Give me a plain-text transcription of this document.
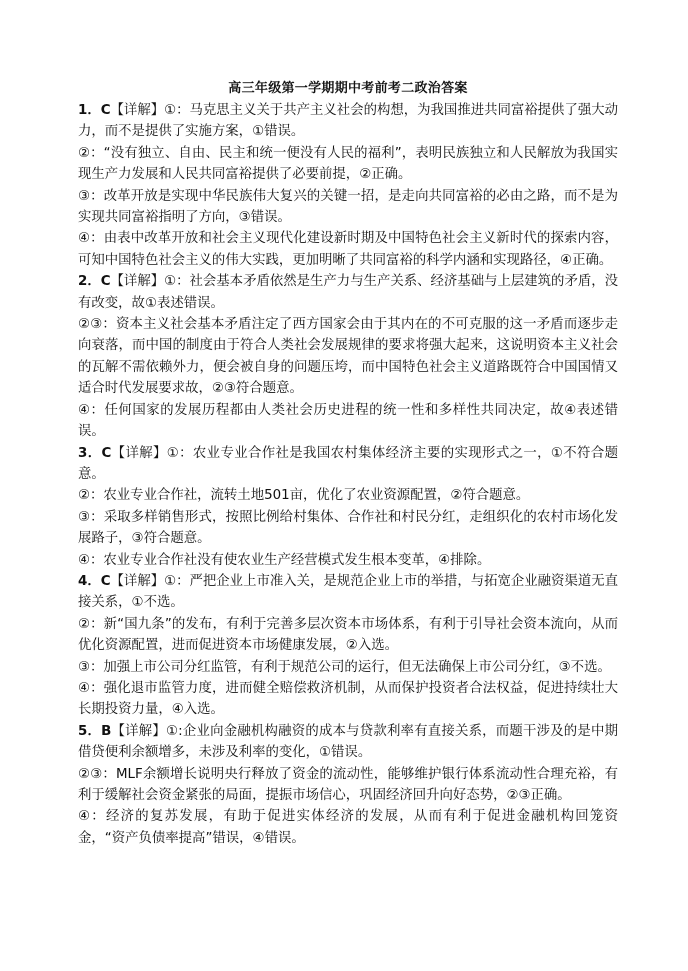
高三年级第一学期期中考前考二政治答案

1．C【详解】①：马克思主义关于共产主义社会的构想，为我国推进共同富裕提供了强大动力，而不是提供了实施方案，①错误。

②：“没有独立、自由、民主和统一便没有人民的福利”，表明民族独立和人民解放为我国实现生产力发展和人民共同富裕提供了必要前提，②正确。

③：改革开放是实现中华民族伟大复兴的关键一招，是走向共同富裕的必由之路，而不是为实现共同富裕指明了方向，③错误。

④：由表中改革开放和社会主义现代化建设新时期及中国特色社会主义新时代的探索内容，可知中国特色社会主义的伟大实践，更加明晰了共同富裕的科学内涵和实现路径，④正确。

2．C【详解】①：社会基本矛盾依然是生产力与生产关系、经济基础与上层建筑的矛盾，没有改变，故①表述错误。

②③：资本主义社会基本矛盾注定了西方国家会由于其内在的不可克服的这一矛盾而逐步走向衰落，而中国的制度由于符合人类社会发展规律的要求将强大起来，这说明资本主义社会的瓦解不需依赖外力，便会被自身的问题压垮，而中国特色社会主义道路既符合中国国情又适合时代发展要求故，②③符合题意。

④：任何国家的发展历程都由人类社会历史进程的统一性和多样性共同决定，故④表述错误。

3．C【详解】①：农业专业合作社是我国农村集体经济主要的实现形式之一，①不符合题意。

②：农业专业合作社，流转土地501亩，优化了农业资源配置，②符合题意。

③：采取多样销售形式，按照比例给村集体、合作社和村民分红，走组织化的农村市场化发展路子，③符合题意。

④：农业专业合作社没有使农业生产经营模式发生根本变革，④排除。

4．C【详解】①：严把企业上市准入关，是规范企业上市的举措，与拓宽企业融资渠道无直接关系，①不选。

②：新“国九条”的发布，有利于完善多层次资本市场体系，有利于引导社会资本流向，从而优化资源配置，进而促进资本市场健康发展，②入选。

③：加强上市公司分红监管，有利于规范公司的运行，但无法确保上市公司分红，③不选。

④：强化退市监管力度，进而健全赔偿救济机制，从而保护投资者合法权益，促进持续壮大长期投资力量，④入选。

5．B【详解】①:企业向金融机构融资的成本与贷款利率有直接关系，而题干涉及的是中期借贷便利余额增多，未涉及利率的变化，①错误。

②③：MLF余额增长说明央行释放了资金的流动性，能够维护银行体系流动性合理充裕，有利于缓解社会资金紧张的局面，提振市场信心，巩固经济回升向好态势，②③正确。

④：经济的复苏发展，有助于促进实体经济的发展，从而有利于促进金融机构回笼资金，“资产负债率提高”错误，④错误。
